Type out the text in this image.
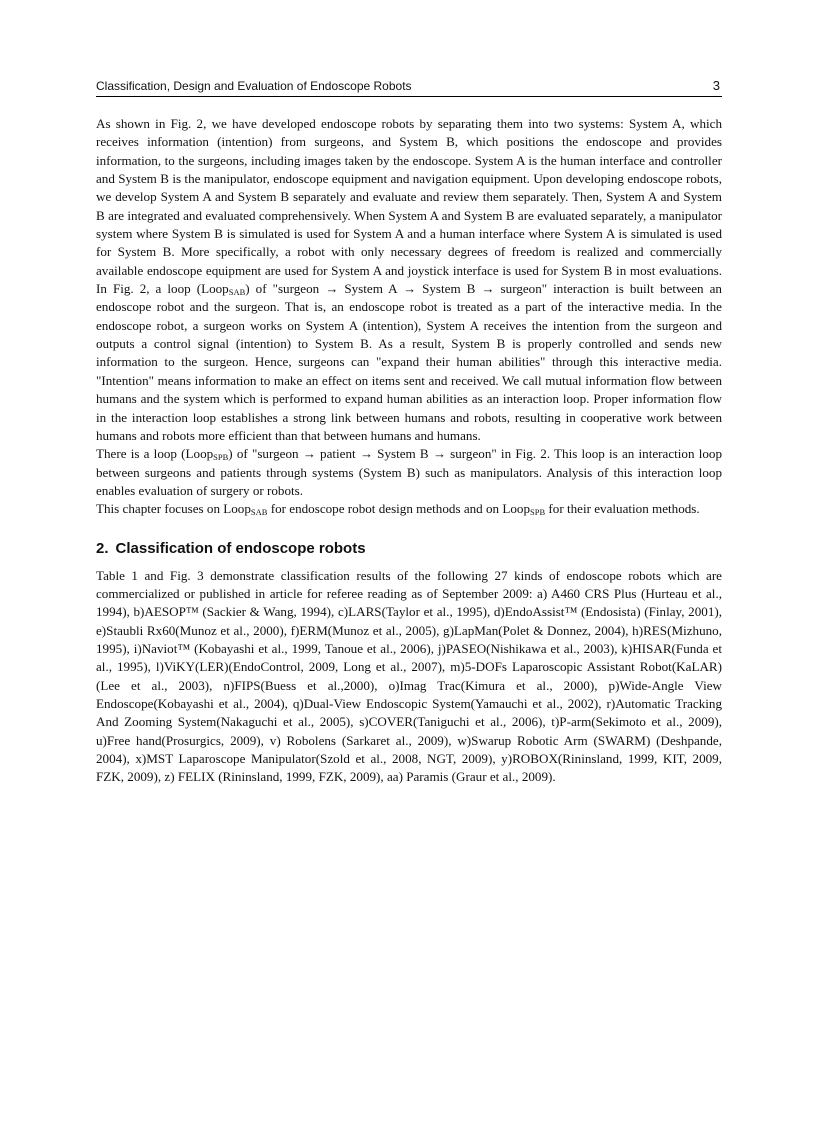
Classification, Design and Evaluation of Endoscope Robots	3

As shown in Fig. 2, we have developed endoscope robots by separating them into two systems: System A, which receives information (intention) from surgeons, and System B, which positions the endoscope and provides information, to the surgeons, including images taken by the endoscope. System A is the human interface and controller and System B is the manipulator, endoscope equipment and navigation equipment. Upon developing endoscope robots, we develop System A and System B separately and evaluate and review them separately. Then, System A and System B are integrated and evaluated comprehensively. When System A and System B are evaluated separately, a manipulator system where System B is simulated is used for System A and a human interface where System A is simulated is used for System B. More specifically, a robot with only necessary degrees of freedom is realized and commercially available endoscope equipment are used for System A and joystick interface is used for System B in most evaluations. In Fig. 2, a loop (Loop$_{SAB}$) of "surgeon → System A → System B → surgeon" interaction is built between an endoscope robot and the surgeon. That is, an endoscope robot is treated as a part of the interactive media. In the endoscope robot, a surgeon works on System A (intention), System A receives the intention from the surgeon and outputs a control signal (intention) to System B. As a result, System B is properly controlled and sends new information to the surgeon. Hence, surgeons can "expand their human abilities" through this interactive media. "Intention" means information to make an effect on items sent and received. We call mutual information flow between humans and the system which is performed to expand human abilities as an interaction loop. Proper information flow in the interaction loop establishes a strong link between humans and robots, resulting in cooperative work between humans and robots more efficient than that between humans and humans.

There is a loop (Loop$_{SPB}$) of "surgeon → patient → System B → surgeon" in Fig. 2. This loop is an interaction loop between surgeons and patients through systems (System B) such as manipulators. Analysis of this interaction loop enables evaluation of surgery or robots.

This chapter focuses on Loop$_{SAB}$ for endoscope robot design methods and on Loop$_{SPB}$ for their evaluation methods.

2. Classification of endoscope robots

Table 1 and Fig. 3 demonstrate classification results of the following 27 kinds of endoscope robots which are commercialized or published in article for referee reading as of September 2009: a) A460 CRS Plus (Hurteau et al., 1994), b)AESOP™ (Sackier & Wang, 1994), c)LARS(Taylor et al., 1995), d)EndoAssist™ (Endosista) (Finlay, 2001), e)Staubli Rx60(Munoz et al., 2000), f)ERM(Munoz et al., 2005), g)LapMan(Polet & Donnez, 2004), h)RES(Mizhuno, 1995), i)Naviot™ (Kobayashi et al., 1999, Tanoue et al., 2006), j)PASEO(Nishikawa et al., 2003), k)HISAR(Funda et al., 1995), l)ViKY(LER)(EndoControl, 2009, Long et al., 2007), m)5-DOFs Laparoscopic Assistant Robot(KaLAR) (Lee et al., 2003), n)FIPS(Buess et al.,2000), o)Imag Trac(Kimura et al., 2000), p)Wide-Angle View Endoscope(Kobayashi et al., 2004), q)Dual-View Endoscopic System(Yamauchi et al., 2002), r)Automatic Tracking And Zooming System(Nakaguchi et al., 2005), s)COVER(Taniguchi et al., 2006), t)P-arm(Sekimoto et al., 2009), u)Free hand(Prosurgics, 2009), v) Robolens (Sarkaret al., 2009), w)Swarup Robotic Arm (SWARM) (Deshpande, 2004), x)MST Laparoscope Manipulator(Szold et al., 2008, NGT, 2009), y)ROBOX(Rininsland, 1999, KIT, 2009, FZK, 2009), z) FELIX (Rininsland, 1999, FZK, 2009), aa) Paramis (Graur et al., 2009).
